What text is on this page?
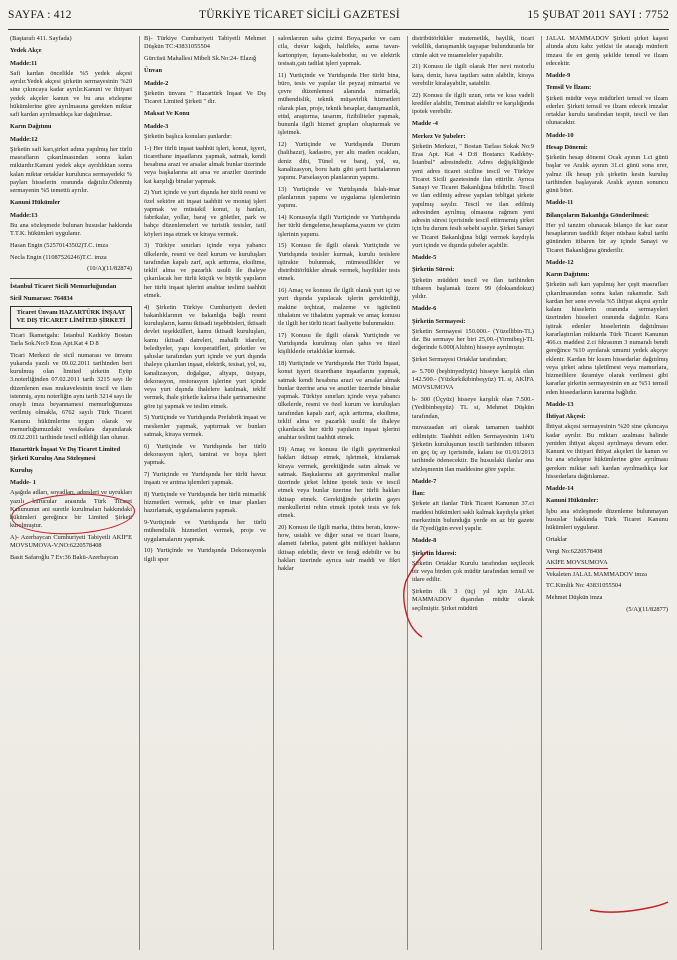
SAYFA : 412	TÜRKİYE TİCARET SİCİLİ GAZETESİ	15 ŞUBAT 2011 SAYI : 7752

(Baştarafı 411. Sayfada)

Yedek Akçe
Madde:11

Safi kardan öncelikle %5 yedek akçesi ayrılır.Yedek akçesi şirketin sermayesinin %20 sine çıkıncaya kadar ayrılır.Kanuni ve ihtiyari yedek akçeler kanun ve bu ana sözleşme hükümlerine göre ayrılmasına gerekten miktar safi kardan ayrılmadıkça kar dağıtılmaz.

Karın Dağıtımı
Madde:12

Şirketin safi karı,şirket adına yapılmış her türlü masrafların çıkarılmasından sonra kalan miktardır.Kanuni yedek akçe ayrıldıktan sonra kalan miktar ortaklar kurulunca sermayedeki % payları hisselerin oranında dağıtılır.Ödenmiş sermayenin %5 temettü ayrılır.

Kanuni Hükümler
Madde:13

Bu ana sözleşmede bulunan hususlar hakkında T.T.K. hükümleri uygulanır.

Hasan Engin (52570143502)T.C. imza

Necla Engin (11087526246)T.C. imza

(10/A)(11/82874)
İstanbul Ticaret Sicili Memurluğundan
Sicil Numarası: 764834
Ticaret Ünvanı HAZARTÜRK İNŞAAT VE DIŞ TİCARET LİMİTED ŞİRKETİ

Ticari İkametgahı: İstanbul Kadıköy Bostan Tarla Sok.No:9 Eras Apt.Kat 4 D 8

Ticari Merkezi de sicil numarası ve ünvanı yukarıda yazılı ve 09.02.2011 tarihinden beri kurulmuş olan limited şirketin Eyüp 3.noterliğinden 07.02.2011 tarih 3215 sayı ile düzenlenen esas mukavelesinin tescil ve ilanı istenmiş, aynı noterliğin aynı tarih 3214 sayı ile onaylı imza beyannamesi memurluğumuza verilmiş olmakla, 6762 sayılı Türk Ticaret Kanunu hükümlerine uygun olarak ve memurluğumuzdaki vesikalara dayanılarak 09.02.2011 tarihinde tescil edildiği ilan olunur.

Hazartürk İnşaat Ve Dış Ticaret Limited Şirketi Kuruluş Ana Sözleşmesi
Kuruluş
Madde- 1

Aşağıda adları, soyadları, adresleri ve uyrukları yazılı kurucular arasında Türk Ticaret Kanununun ani suretle kurulmaları hakkındaki hükümleri gereğince bir Limited Şirketi kurulmuştur.

A)- Azerbaycan Cumhuriyeti Tabiyetli AKİF'E MOVSUMOVA-V.NO:6220578408

Basit Safaroğlu 7 Ev:36 Bakü-Azerbaycan

B)- Türkiye Cumhuriyeti Tabiyetli Mehmet Düşkün TC:43831055504

Gürcüsü Mahallesi Mibeli Sk.No:24- Elazığ

Ünvan
Madde-2

Şirketin ünvanı " Hazartürk İnşaat Ve Dış Ticaret Limited Şirketi " dir.

Maksat Ve Konu
Madde-3

Şirketin başlıca konuları şunlardır:

1-) Her türlü inşaat taahhüt işleri, konut, işyeri, ticarethane inşaatlarını yapmak, satmak, kendi hesabına arazi ve arsalar almak bunlar üzerinde veya başkalarına ait arsa ve araziler üzerinde kat karşılığı binalar yapmak.

2) Yurt içinde ve yurt dışında her türlü resmi ve özel sektöre ait inşaat taahhüt ve montaj işleri yapmak ve müstakil konut, iş hanları, fabrikalar, yollar, baraj ve göletler, park ve bahçe düzenlemeleri ve turistik tesisler, tatil köyleri inşa etmek ve kiraya vermek.

3) Türkiye sınırları içinde veya yabancı ülkelerde, resmi ve özel kurum ve kuruluşları tarafından kapalı zarf, açık arttırma, eksiltme, teklif alma ve pazarlık usulü ile ihaleye çıkarılacak her türlü küçük ve büyük yapıların her türlü inşaat işlerini anahtar teslimi taahhüt etmek.

4) Şirketin Türkiye Cumhuriyeti devleti bakanlıklarının ve bakanlığa bağlı resmi kuruluşların, kamu iktisadi teşebbüsleri, iktisadi devlet teşekkülleri, kamu iktisadi kuruluşları, kamu iktisadi daireleri, mahalli idareler, belediyeler, yapı kooperatifleri, şirketler ve şahıslar tarafından yurt içinde ve yurt dışında ihaleye çıkarılan inşaat, elektrik, tesisat, yol, su, kanalizasyon, doğalgaz, altyapı, üstyapı, dekorasyon, restorasyon işlerine yurt içinde veya yurt dışında ihalelere katılmak, teklif vermek, ihale şirketle kalırsa ihale şartnamesine göre işi yapmak ve teslim etmek.

5) Yurtiçinde ve Yurtdışında Prefabrik inşaat ve meskenler yapmak, yaptırmak ve bunları satmak, kiraya vermek.

6) Yurtiçinde ve Yurtdışında her türlü dekorasyon işleri, tamirat ve boya işleri yapmak.

7) Yurtiçinde ve Yurtdışında her türlü havuz inşaatı ve arıtma işlemleri yapmak.

8) Yurtiçinde ve Yurtdışında her türlü mimarlık hizmetleri vermek, şehir ve imar planları hazırlamak, uygulamalarını yapmak.

9-Yurtiçinde ve Yurtdışında her türlü mühendislik hizmetleri vermek, proje ve uygulamalarını yapmak.

10) Yurtiçinde ve Yurtdışında Dekorasyonla ilgili spor

salonlarının saha çizimi Boya,parke ve cam cila, duvar kağıdı, halıfleks, asma tavan-kartonpiyer, fayans-kalebodur, su ve elektrik tesisatı,çatı tadilat işleri yapmak.

11) Yurtiçinde ve Yurtdışında Her türlü bina, büro, tesis ve yapılar ile peyzaj mimarisi ve çevre düzenlemesi alanında mimarlık, mühendislik, teknik müşavirlik hizmetleri olarak plan, proje, teknik hesaplar, danışmanlık, etüd, araştırma, tasarım, fizibiliteler yapmak, bununla ilgili hizmet grupları oluşturmak ve işletmek.

12) Yurtiçinde ve Yurtdışında Durum (halihazır), kadastro, yer altı maden ocakları, deniz dibi, Tünel ve baraj, yol, su, kanalizasyon, boru hattı gibi şerit haritalarının yapımı. Parselasyon planlarının yapımı.

13) Yurtiçinde ve Yurtdışında İslah-imar planlarının yapımı ve uygulama işlemlerinin yapımı.

14) Konusuyla ilgili Yurtiçinde ve Yurtdışında her türlü dengeleme,hesaplama,yazım ve çizim işlerinin yapımı.

15) Konusu ile ilgili olarak Yurtiçinde ve Yurtdışında tesisler kurmak, kurulu tesislere iştirakte bulunmak, mümessillikler ve distribütörlükler almak vermek, bayilikler tesis etmek.

16) Amaç ve konusu ile ilgili olarak yurt içi ve yurt dışında yapılacak işlerin gerektirdiği, makine teçhizat, malzeme ve işgücünü ithalatını ve ithalatını yapmak ve amaç konusu ile ilgili her türlü ticari faaliyette bulunmaktır.

17) Konusu ile ilgili olarak Yurtiçinde ve Yurtdışında kurulmuş olan şahıs ve tüzel kişiliklerle ortaklıklar kurmak.

18) Yurtiçinde ve Yurtdışında Her Türlü İnşaat, konut işyeri ticarethane inşaatlarını yapmak, satmak kendi hesabına arazi ve arsalar almak bunlar üzerine arsa ve araziler üzerinde binalar yapmak. Türkiye sınırları içinde veya yabancı ülkelerde, resmi ve özel kurum ve kuruluşları tarafından kapalı zarf, açık arttırma, eksiltme, teklif alma ve pazarlık usulü ile ihaleye çıkardacak her türlü yapıların inşaat işlerini anahtar teslimi taahhüt etmek.

19) Amaç ve konusu ile ilgili gayrimenkul hakları iktisap etmek, işletmek, kiralamak kiraya vermek, gerektiğinde satın almak ve satmak. Başkalarına ait gayrimenkul mallar üzerinde şirket lehine ipotek tesis ve tescil etmek veya bunlar üzerine her türlü hakları iktisap etmek. Gerektiğinde şirketin gayrı menkullerini rehin etmek ipotek tesis ve fek etmek.

20) Konusu ile ilgili marka, ihtira beratı, know-how, ustalık ve diğer sınai ve ticari lisans, alameti fabrika, patent gibi mülkiyet hakların iktisap edebilir, devir ve ferağ edebilir ve bu hakları üzerinde ayrıca sair maddi ve fikri haklar

distribütörlükler mutemetlik, bayilik, ticari vekillik, danışmanlık taşyapar bulunduranla bir cümle akit ve muameleler yapabilir.

21) Konusu ile ilgili olarak Her nevi motorlu kara, deniz, hava taşıtları satın alabilir, kiraya verebilir kiralayabilir, satabilir.

22) Konusu ile ilgili uzun, orta ve kısa vadeli krediler alabilir, Teminat alabilir ve karşılığında ipotek verebilir.

Madde -4
Merkez Ve Şubeler:

Şirketin Merkezi, " Bostan Tarlası Sokak No:9 Eras Apt. Kat 4 D:8 Bostancı Kadıköy-İstanbul" adresindedir. Adres değişikliğinde yeni adres ticaret siciline tescil ve Türkiye Ticaret Sicili gazetesinde ilan ettirilir. Ayrıca Sanayi ve Ticaret Bakanlığına bildirilir. Tescil ve ilan edilmiş adrese yapılan tebligat şirkete yapılmış sayılır. Tescil ve ilan edilmiş adresinden ayrılmış olmasına rağmen yeni adresin süresi içerisinde tescil ettirmemiş şirket için bu durum fesih sebebi sayılır. Şirket Sanayi ve Ticaret Bakanlığına bilgi vermek kaydıyla yurt içinde ve dışında şubeler açabilir.

Madde-5
Şirketin Süresi:

Şirketin müddeti tescil ve ilan tarihinden itibaren başlamak üzere 99 (doksandokuz) yıldır.

Madde-6
Şirketin Sermayesi:

Şirketin Sermayesi 150.000.- (Yüzellibin-TL) dır. Bu sermaye her biri 25,00.-(Yirmibeş)-TL değerinde 6.000(Altıbin) hisseye ayrılmıştır.

Şirket Sermayesi Ortaklar tarafından;

a- 5.700 (beşbinyediyüz) hisseye karşılık olan 142.500.- (Yüzkırkikibinbeşyüz) TL si, AKİFA MOVSUMOVA

b- 300 (Üçyüz) hisseye karşılık olan 7.500.-(Yedibinbeşyüz) TL si, Mehmet Düşkün tarafından,

muvazaadan ari olarak tamamen taahhüt edilmiştir. Taahhüt edilen Sermayesinin 1/4'ü Şirketin kuruluşunun tescili tarihinden itibaren en geç üç ay içerisinde, kalanı ise 01/01/2013 tarihinde ödenecektir. Bu hususlaki ilanlar ana sözleşmenin ilan maddesine göre yapılır.

Madde-7
İlan:

Şirkete ait ilanlar Türk Ticaret Kanunun 37.ci maddesi hükümleri saklı kalmak kaydıyla şirket merkezinin bulunduğu yerde en az bir gazete ile 7(yedi)gün evvel yapılır.

Madde-8
Şirketin İdaresi:

Şirketin Ortaklar Kurulu tarafından seçilecek bir veya birden çok müdür tarafından temsil ve idare edilir.

Şirketin ilk 3 (üç) yıl için JALAL MAMMADOV dışarıdan müdür olarak seçilmiştir. Şirket müdürü

JALAL MAMMADOV Şirketi şirket kaşesi altında ahzu kabz yetkisi ile atacağı münferit imzası ile en geniş şekilde temsil ve ilzam edecektir.

Madde-9
Temsil Ve İlzam:

Şirketi müdür veya müdürleri temsil ve ilzam ederler. Şirketi temsil ve ilzam edecek imzalar ortaklar kurulu tarafından tespit, tescil ve ilan olunacaktır.

Madde-10
Hesap Dönemi:

Şirketin hesap dönemi Ocak ayının 1.ci günü başlar ve Aralık ayının 31.ci günü sona erer, yalnız ilk hesap yılı şirketin kesin kuruluş tarihinden başlayarak Aralık ayının sonuncu günü biter.

Madde-11
Bilançoların Bakanlığa Gönderilmesi:

Her yıl tanzim olunacak bilanço ile kar zarar hesaplarının tasdikli ikişer nüshası kabul tarihi gününden itibaren bir ay içinde Sanayi ve Ticaret Bakanlığına gönderilir.

Madde-12
Karın Dağıtımı:

Şirketin safi karı yapılmış her çeşit masrafları çıkarılmasından sonra kalan rakamıdır. Safi kardan her sene evvela %5 ihtiyat akçesi ayrılır kalanı hisselerin oranında sermayeleri üzerinden hisseleri oranında dağıtılır. Kara iştirak edenler hisselerinin dağıtılması kararlaştırılan miktarda Türk Ticaret Kanunun 466.cı maddesi 2.ci fıkrasının 3 numaralı bendi gereğince %10 ayrılarak umumi yedek akçeye eklenir. Kardan bir kısım hissedarlar dağıtılmış veya şirket adına işletilmesi veya mamurlara, hizmetlilere ikramiye olarak verilmesi gibi kararlar şirketin sermayesinin en az %51 temsil eden hissedarların kararına bağlıdır.

Madde-13
İhtiyat Akçesi:

İhtiyat akçesi sermayesinin %20 sine çıkıncaya kadar ayrılır. Bu miktarı azalması halinde yeniden ihtiyat akçesi ayrılmaya devam eder. Kanuni ve ihtiyari ihtiyat akçeleri ile kanun ve bu ana sözleşme hükümlerine göre ayrılması gereken miktar safi kardan ayrılmadıkça kar hissedarlara dağıtılamaz.

Madde-14
Kanuni Hükümler:

İşbu ana sözleşmede düzenleme bulunmayan hususlar hakkında Türk Ticaret Kanunu hükümleri uygulanır.

Ortaklar

Vergi No:6220578408

AKİFE MOVSUMOVA

Vekaleten JALAL MAMMADOV imza

TC.Kimlik No: 43831055504

Mehmet Düşkün imza

(5/A)(11/82877)
